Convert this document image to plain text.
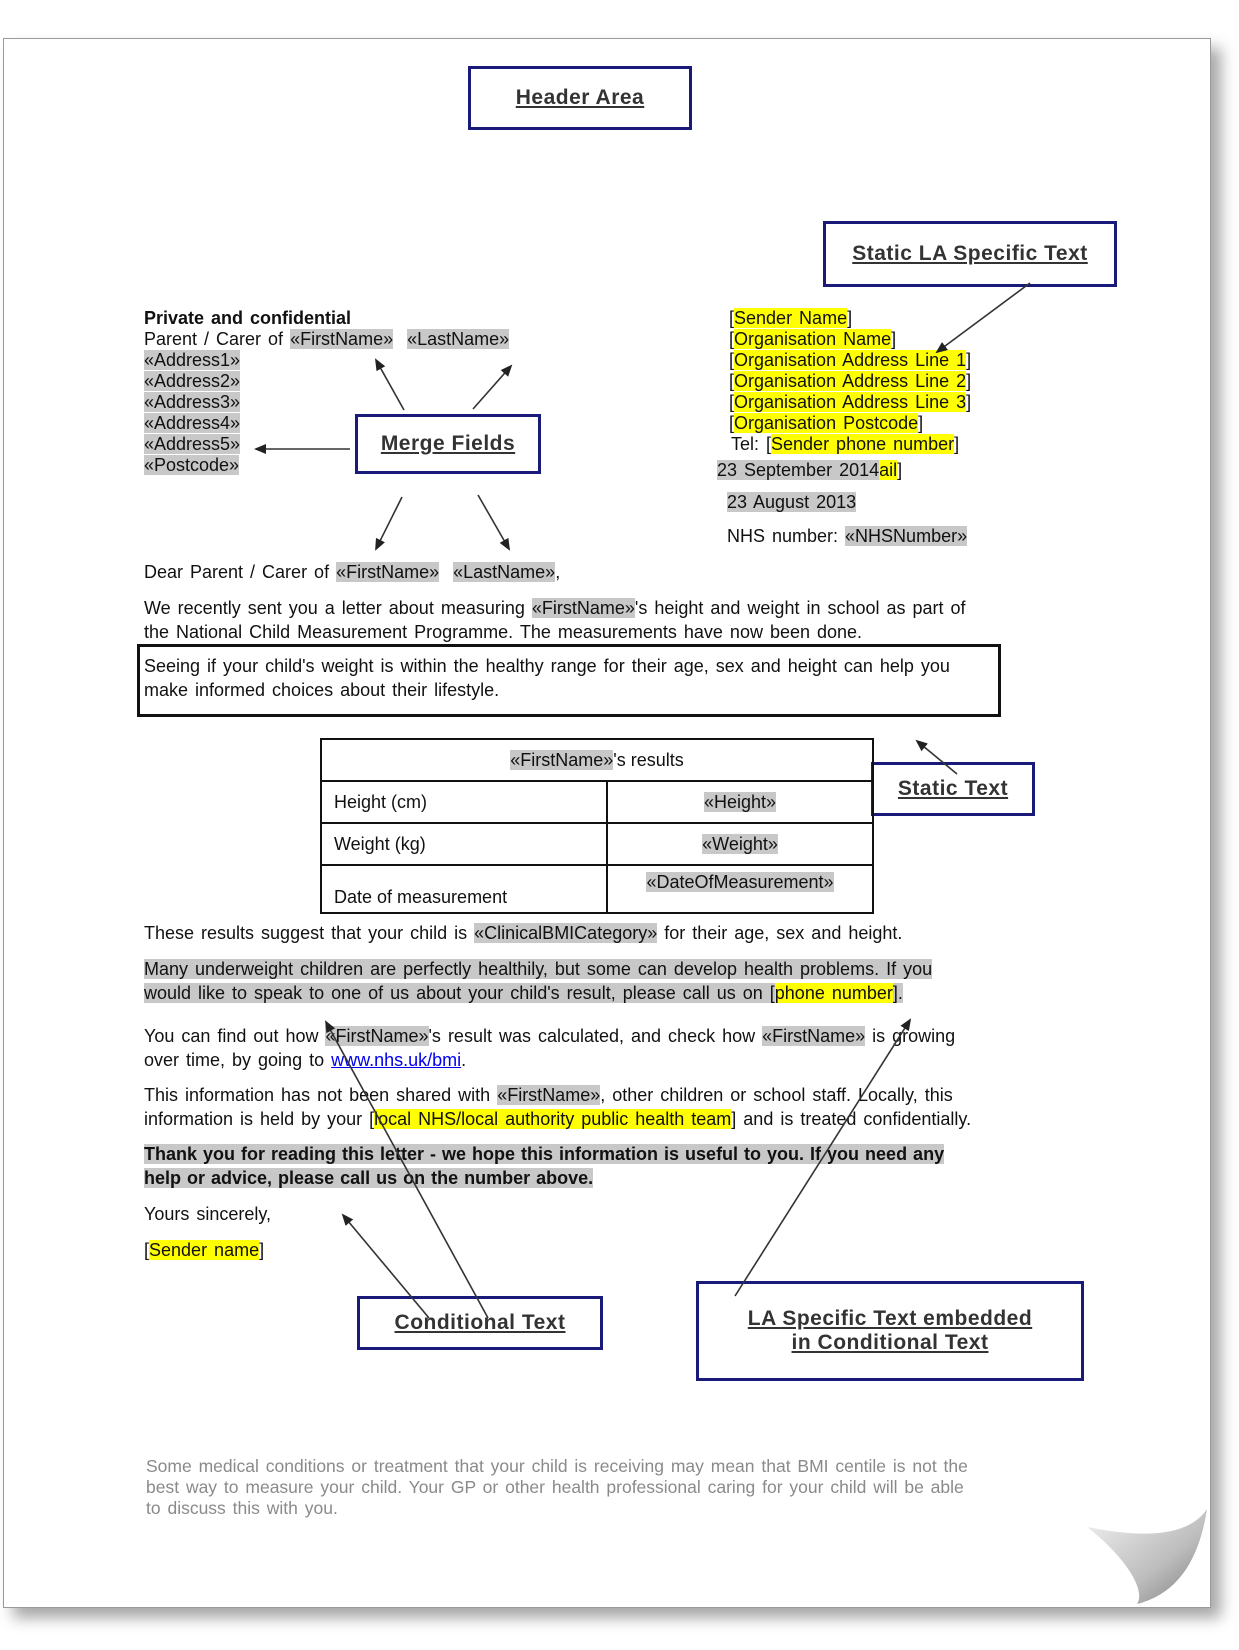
Header Area
Static LA Specific Text
Merge Fields
Static Text
Conditional Text	LA Specific Text embedded
in Conditional Text
Private and confidential
Parent / Carer of «FirstName» «LastName»
«Address1»
«Address2»
«Address3»
«Address4»
«Address5»
«Postcode»
[Sender Name]
[Organisation Name]
[Organisation Address Line 1]
[Organisation Address Line 2]
[Organisation Address Line 3]
[Organisation Postcode]
Tel: [Sender phone number]
23 September 2014ail]
23 August 2013
NHS number: «NHSNumber»
Dear Parent / Carer of «FirstName» «LastName»,
We recently sent you a letter about measuring «FirstName»'s height and weight in school as part of
the National Child Measurement Programme. The measurements have now been done.
Seeing if your child's weight is within the healthy range for their age, sex and height can help you
make informed choices about their lifestyle.
«FirstName»'s results	
Height (cm)	«Height»
Weight (kg)	«Weight»
Date of measurement	«DateOfMeasurement»
These results suggest that your child is «ClinicalBMICategory» for their age, sex and height.
Many underweight children are perfectly healthily, but some can develop health problems. If you
would like to speak to one of us about your child's result, please call us on [phone number].
You can find out how «FirstName»'s result was calculated, and check how «FirstName» is growing
over time, by going to www.nhs.uk/bmi.
This information has not been shared with «FirstName», other children or school staff. Locally, this
information is held by your [local NHS/local authority public health team] and is treated confidentially.
Thank you for reading this letter - we hope this information is useful to you. If you need any
help or advice, please call us on the number above.
Yours sincerely,
[Sender name]
Some medical conditions or treatment that your child is receiving may mean that BMI centile is not the
best way to measure your child. Your GP or other health professional caring for your child will be able
to discuss this with you.
